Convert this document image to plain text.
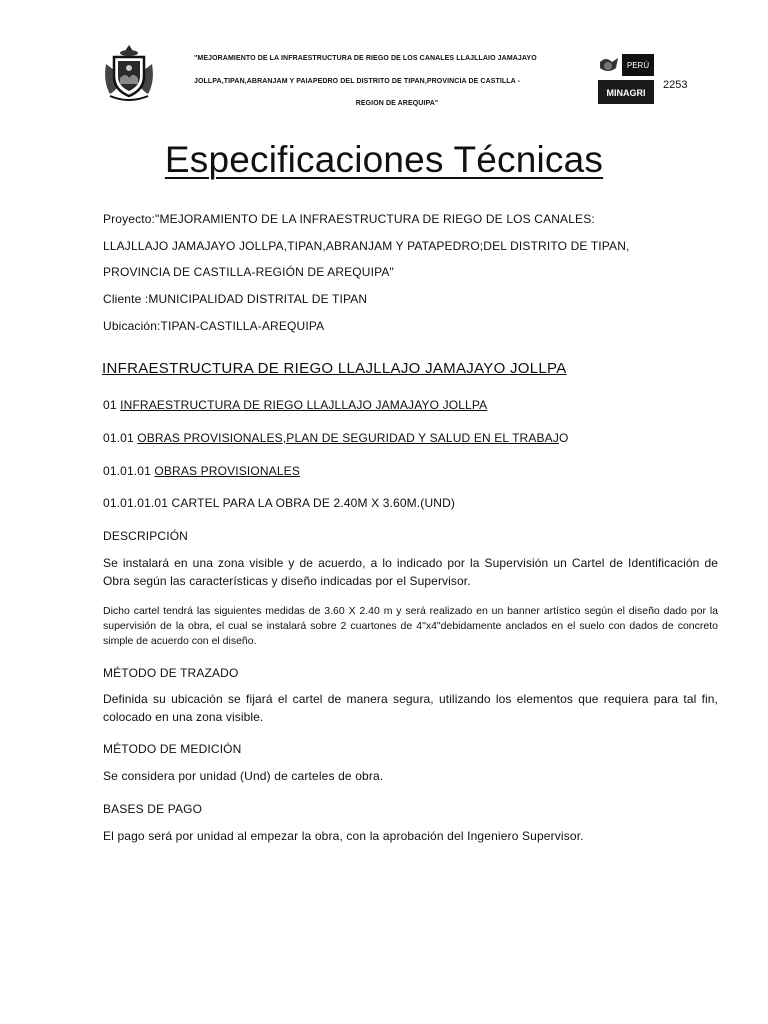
"MEJORAMIENTO DE LA INFRAESTRUCTURA DE RIEGO DE LOS CANALES LLAJLLAIO JAMAJAYO
JOLLPA,TIPAN,ABRANJAM Y PAIAPEDRO DEL DISTRITO DE TIPAN,PROVINCIA DE CASTILLA -
REGION DE AREQUIPA"
PERÚ
MINAGRI
2253
Especificaciones Técnicas
Proyecto:"MEJORAMIENTO DE LA INFRAESTRUCTURA DE RIEGO DE LOS CANALES:
LLAJLLAJO JAMAJAYO JOLLPA,TIPAN,ABRANJAM Y PATAPEDRO;DEL DISTRITO DE TIPAN,
PROVINCIA DE CASTILLA-REGIÓN DE AREQUIPA"
Cliente :MUNICIPALIDAD DISTRITAL DE TIPAN
Ubicación:TIPAN-CASTILLA-AREQUIPA
INFRAESTRUCTURA DE RIEGO LLAJLLAJO JAMAJAYO JOLLPA
01 INFRAESTRUCTURA DE RIEGO LLAJLLAJO JAMAJAYO JOLLPA
01.01 OBRAS PROVISIONALES,PLAN DE SEGURIDAD Y SALUD EN EL TRABAJO
01.01.01 OBRAS PROVISIONALES
01.01.01.01 CARTEL PARA LA OBRA DE 2.40M X 3.60M.(UND)
DESCRIPCIÓN
Se instalará en una zona visible y de acuerdo, a lo indicado por la Supervisión un Cartel de Identificación de Obra según las características y diseño indicadas por el Supervisor.
Dicho cartel tendrá las siguientes medidas de 3.60 X 2.40 m y será realizado en un banner artístico según el diseño dado por la supervisión de la obra, el cual se instalará sobre 2 cuartones de 4"x4"debidamente anclados en el suelo con dados de concreto simple de acuerdo con el diseño.
MÉTODO DE TRAZADO
Definida su ubicación se fijará el cartel de manera segura, utilizando los elementos que requiera para tal fin, colocado en una zona visible.
MÉTODO DE MEDICIÓN
Se considera por unidad (Und) de carteles de obra.
BASES DE PAGO
El pago será por unidad al empezar la obra, con la aprobación del Ingeniero Supervisor.
